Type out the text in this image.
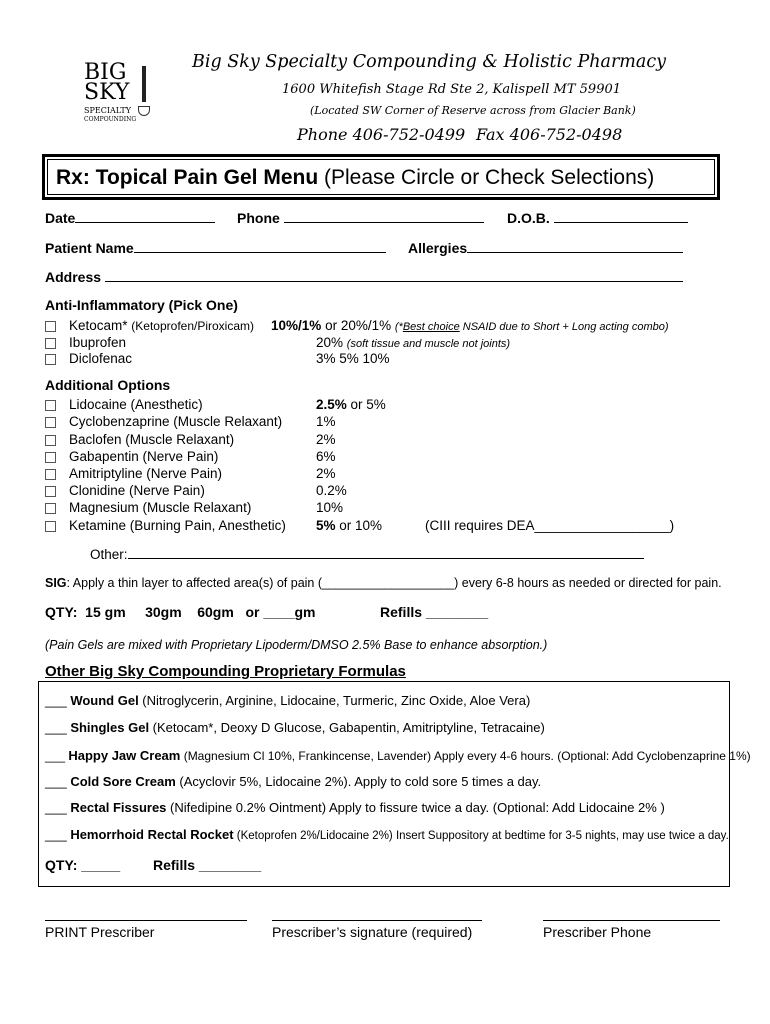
BIG
SKY
SPECIALTY
COMPOUNDING
Big Sky Specialty Compounding & Holistic Pharmacy
1600 Whitefish Stage Rd Ste 2, Kalispell MT 59901
(Located SW Corner of Reserve across from Glacier Bank)
Phone 406-752-0499 Fax 406-752-0498
Rx: Topical Pain Gel Menu (Please Circle or Check Selections)
Date	Phone	D.O.B.
Patient Name	Allergies
Address
Anti-Inflammatory (Pick One)
Ketocam* (Ketoprofen/Piroxicam) 10%/1% or 20%/1% (*Best choice NSAID due to Short + Long acting combo)
Ibuprofen	20% (soft tissue and muscle not joints)
Diclofenac	3% 5% 10%
Additional Options
Lidocaine (Anesthetic)	2.5% or 5%
Cyclobenzaprine (Muscle Relaxant)	1%
Baclofen (Muscle Relaxant)	2%
Gabapentin (Nerve Pain)	6%
Amitriptyline (Nerve Pain)	2%
Clonidine (Nerve Pain)	0.2%
Magnesium (Muscle Relaxant)	10%
Ketamine (Burning Pain, Anesthetic) 5% or 10%	(CIII requires DEA__________________)
Other:
SIG: Apply a thin layer to affected area(s) of pain (___________________) every 6-8 hours as needed or directed for pain.
QTY:  15 gm     30gm    60gm   or ____gm	Refills ________
(Pain Gels are mixed with Proprietary Lipoderm/DMSO 2.5% Base to enhance absorption.)
Other Big Sky Compounding Proprietary Formulas
___ Wound Gel (Nitroglycerin, Arginine, Lidocaine, Turmeric, Zinc Oxide, Aloe Vera)
___ Shingles Gel (Ketocam*, Deoxy D Glucose, Gabapentin, Amitriptyline, Tetracaine)
___ Happy Jaw Cream (Magnesium Cl 10%, Frankincense, Lavender) Apply every 4-6 hours. (Optional: Add Cyclobenzaprine 1%)
___ Cold Sore Cream (Acyclovir 5%, Lidocaine 2%). Apply to cold sore 5 times a day.
___ Rectal Fissures (Nifedipine 0.2% Ointment) Apply to fissure twice a day. (Optional: Add Lidocaine 2% )
___ Hemorrhoid Rectal Rocket (Ketoprofen 2%/Lidocaine 2%) Insert Suppository at bedtime for 3-5 nights, may use twice a day.
QTY: _____ Refills ________
PRINT Prescriber	Prescriber’s signature (required)	Prescriber Phone
